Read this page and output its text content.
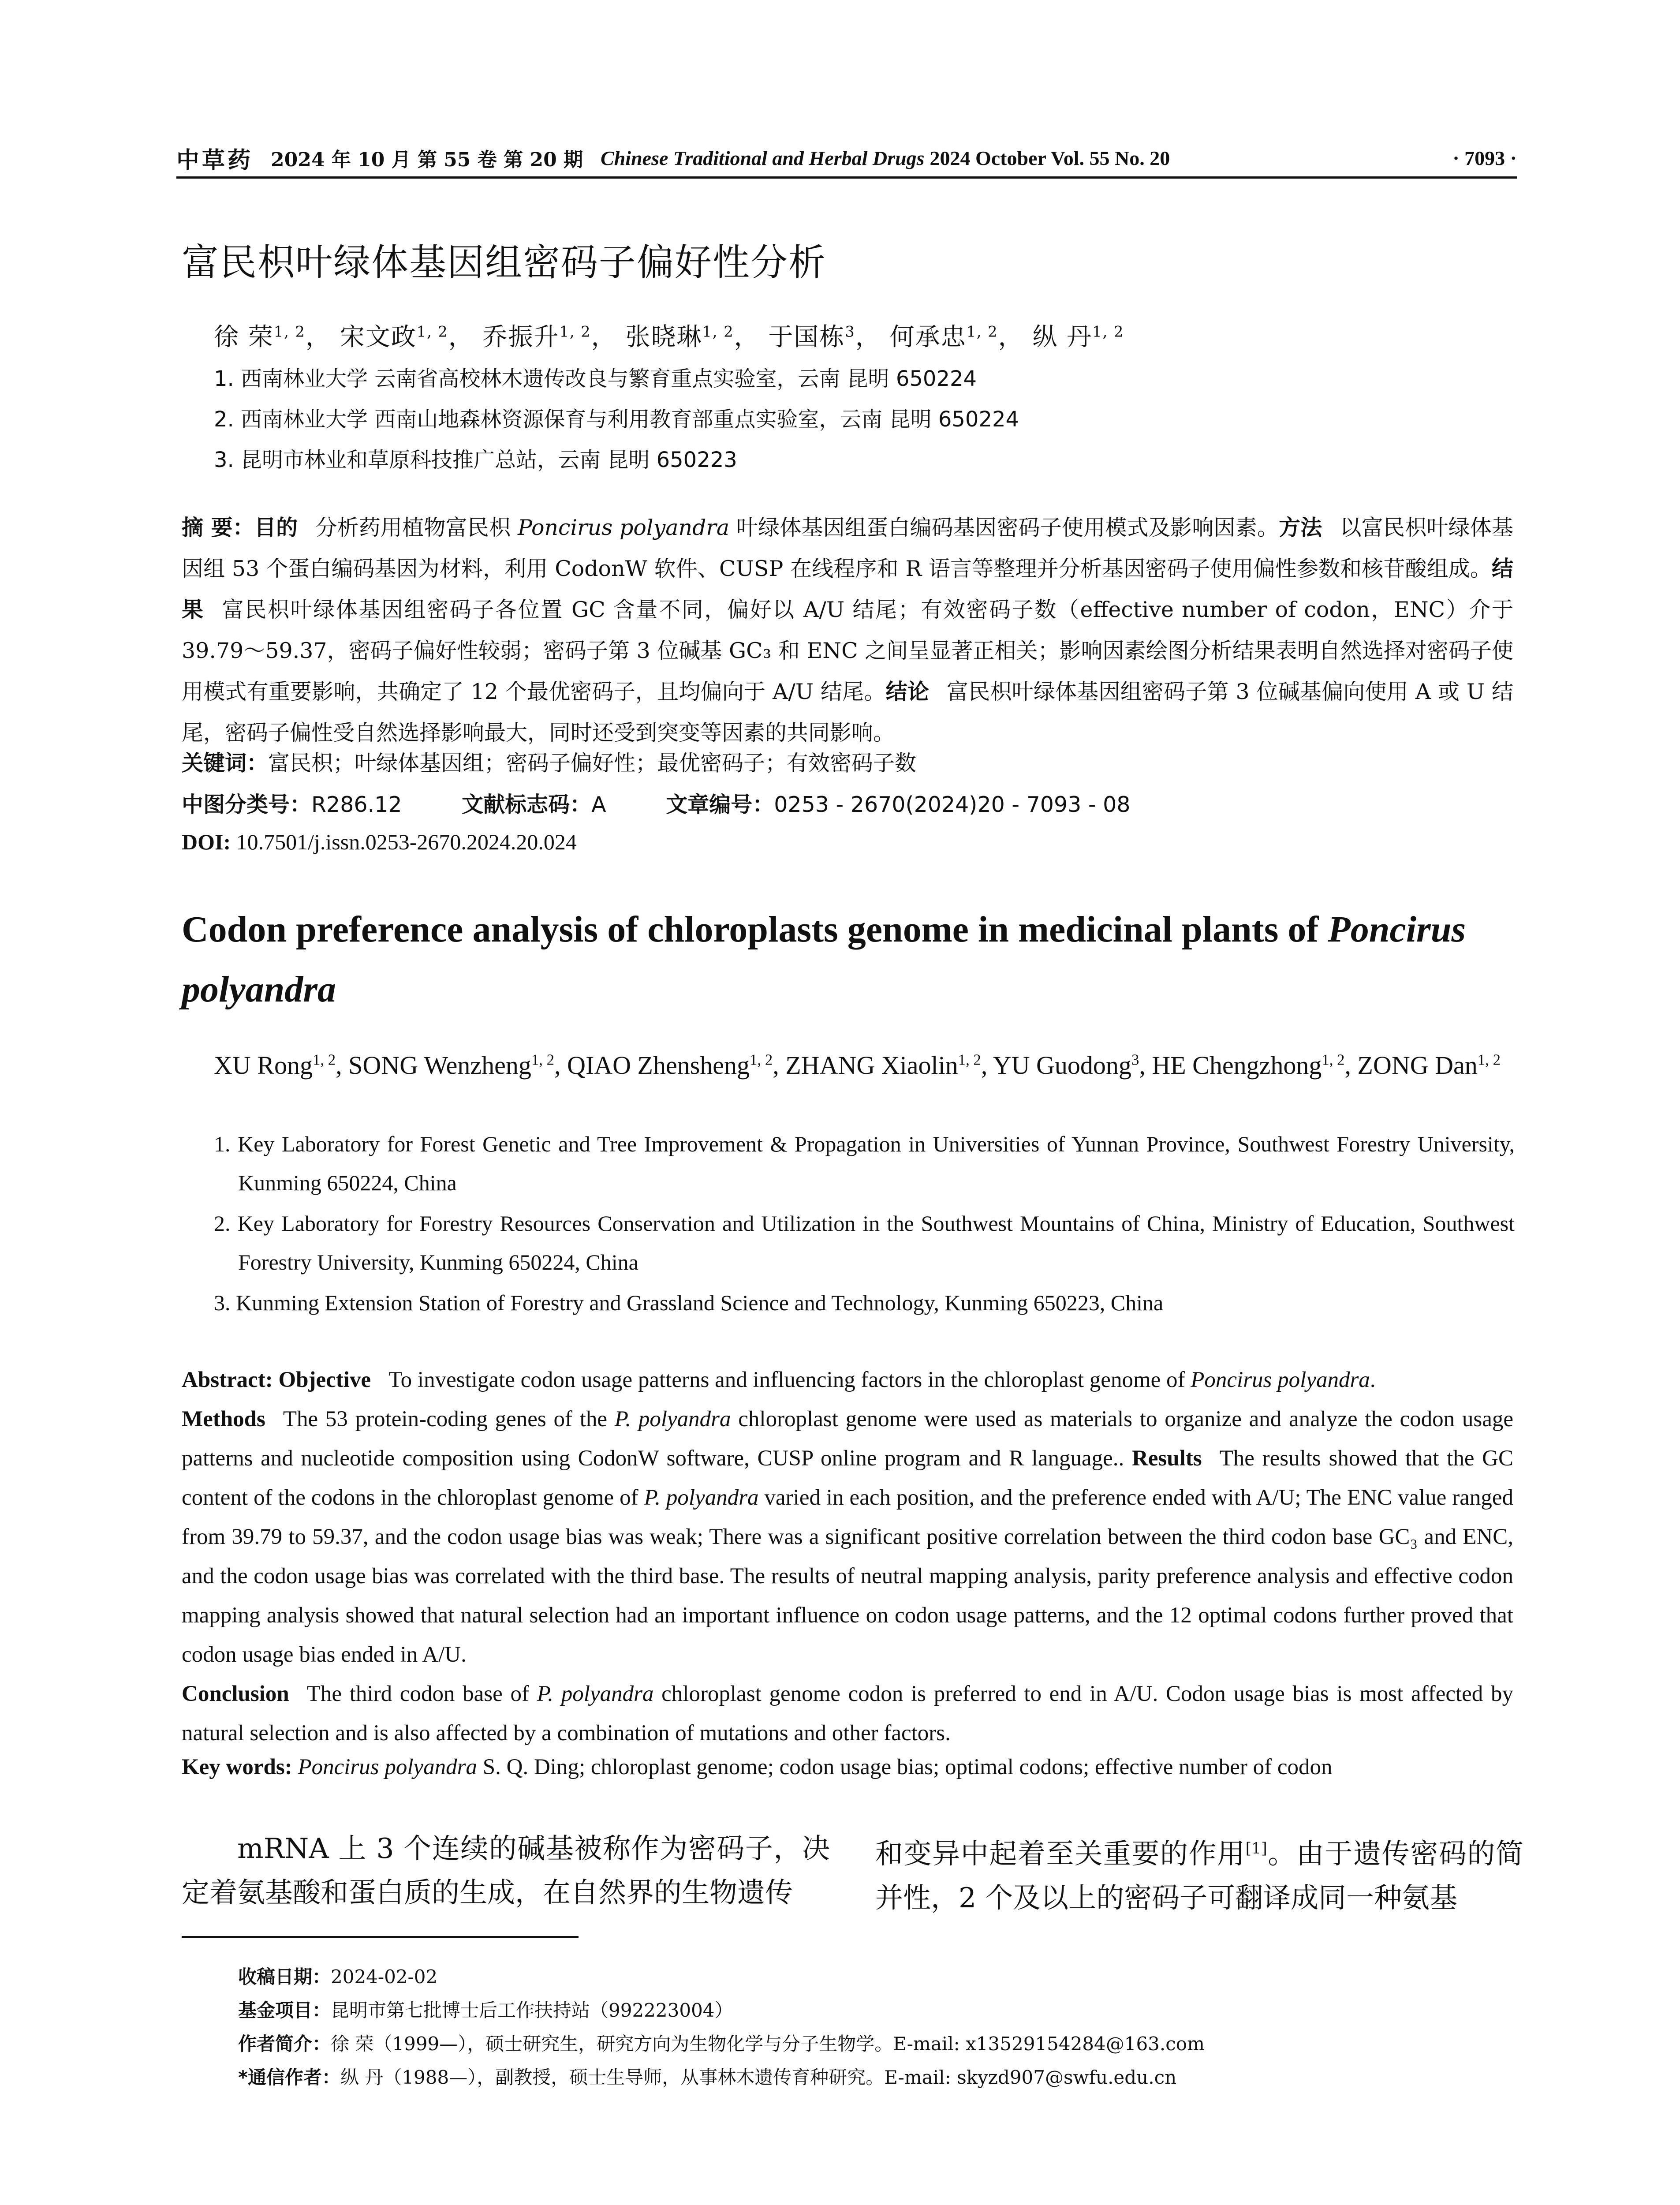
中草药 2024 年 10 月 第 55 卷 第 20 期 Chinese Traditional and Herbal Drugs 2024 October Vol. 55 No. 20	· 7093 ·
富民枳叶绿体基因组密码子偏好性分析
徐 荣$^{1, 2}$， 宋文政$^{1, 2}$， 乔振升$^{1, 2}$， 张晓琳$^{1, 2}$， 于国栋$^3$， 何承忠$^{1, 2}$， 纵 丹$^{1, 2}$
1. 西南林业大学 云南省高校林木遗传改良与繁育重点实验室，云南 昆明 650224
2. 西南林业大学 西南山地森林资源保育与利用教育部重点实验室，云南 昆明 650224
3. 昆明市林业和草原科技推广总站，云南 昆明 650223
摘 要：目的 分析药用植物富民枳 Poncirus polyandra 叶绿体基因组蛋白编码基因密码子使用模式及影响因素。方法 以富民枳叶绿体基因组 53 个蛋白编码基因为材料，利用 CodonW 软件、CUSP 在线程序和 R 语言等整理并分析基因密码子使用偏性参数和核苷酸组成。结果 富民枳叶绿体基因组密码子各位置 GC 含量不同，偏好以 A/U 结尾；有效密码子数（effective number of codon，ENC）介于 39.79～59.37，密码子偏好性较弱；密码子第 3 位碱基 GC₃ 和 ENC 之间呈显著正相关；影响因素绘图分析结果表明自然选择对密码子使用模式有重要影响，共确定了 12 个最优密码子，且均偏向于 A/U 结尾。结论 富民枳叶绿体基因组密码子第 3 位碱基偏向使用 A 或 U 结尾，密码子偏性受自然选择影响最大，同时还受到突变等因素的共同影响。
关键词：富民枳；叶绿体基因组；密码子偏好性；最优密码子；有效密码子数
中图分类号：R286.12	文献标志码：A	文章编号：0253 - 2670(2024)20 - 7093 - 08
DOI: 10.7501/j.issn.0253-2670.2024.20.024
Codon preference analysis of chloroplasts genome in medicinal plants of Poncirus polyandra
XU Rong$^{1, 2}$, SONG Wenzheng$^{1, 2}$, QIAO Zhensheng$^{1, 2}$, ZHANG Xiaolin$^{1, 2}$, YU Guodong$^3$, HE Chengzhong$^{1, 2}$, ZONG Dan$^{1, 2}$
1. Key Laboratory for Forest Genetic and Tree Improvement & Propagation in Universities of Yunnan Province, Southwest Forestry University, Kunming 650224, China
2. Key Laboratory for Forestry Resources Conservation and Utilization in the Southwest Mountains of China, Ministry of Education, Southwest Forestry University, Kunming 650224, China
3. Kunming Extension Station of Forestry and Grassland Science and Technology, Kunming 650223, China
Abstract: Objective To investigate codon usage patterns and influencing factors in the chloroplast genome of Poncirus polyandra.
Methods The 53 protein-coding genes of the P. polyandra chloroplast genome were used as materials to organize and analyze the codon usage patterns and nucleotide composition using CodonW software, CUSP online program and R language.. Results The results showed that the GC content of the codons in the chloroplast genome of P. polyandra varied in each position, and the preference ended with A/U; The ENC value ranged from 39.79 to 59.37, and the codon usage bias was weak; There was a significant positive correlation between the third codon base GC₃ and ENC, and the codon usage bias was correlated with the third base. The results of neutral mapping analysis, parity preference analysis and effective codon mapping analysis showed that natural selection had an important influence on codon usage patterns, and the 12 optimal codons further proved that codon usage bias ended in A/U.
Conclusion The third codon base of P. polyandra chloroplast genome codon is preferred to end in A/U. Codon usage bias is most affected by natural selection and is also affected by a combination of mutations and other factors.
Key words: Poncirus polyandra S. Q. Ding; chloroplast genome; codon usage bias; optimal codons; effective number of codon
mRNA 上 3 个连续的碱基被称作为密码子，决定着氨基酸和蛋白质的生成，在自然界的生物遗传
和变异中起着至关重要的作用[1]。由于遗传密码的简并性，2 个及以上的密码子可翻译成同一种氨基
收稿日期：2024-02-02
基金项目：昆明市第七批博士后工作扶持站（992223004）
作者简介：徐 荣（1999—），硕士研究生，研究方向为生物化学与分子生物学。E-mail: x13529154284@163.com
*通信作者：纵 丹（1988—），副教授，硕士生导师，从事林木遗传育种研究。E-mail: skyzd907@swfu.edu.cn
